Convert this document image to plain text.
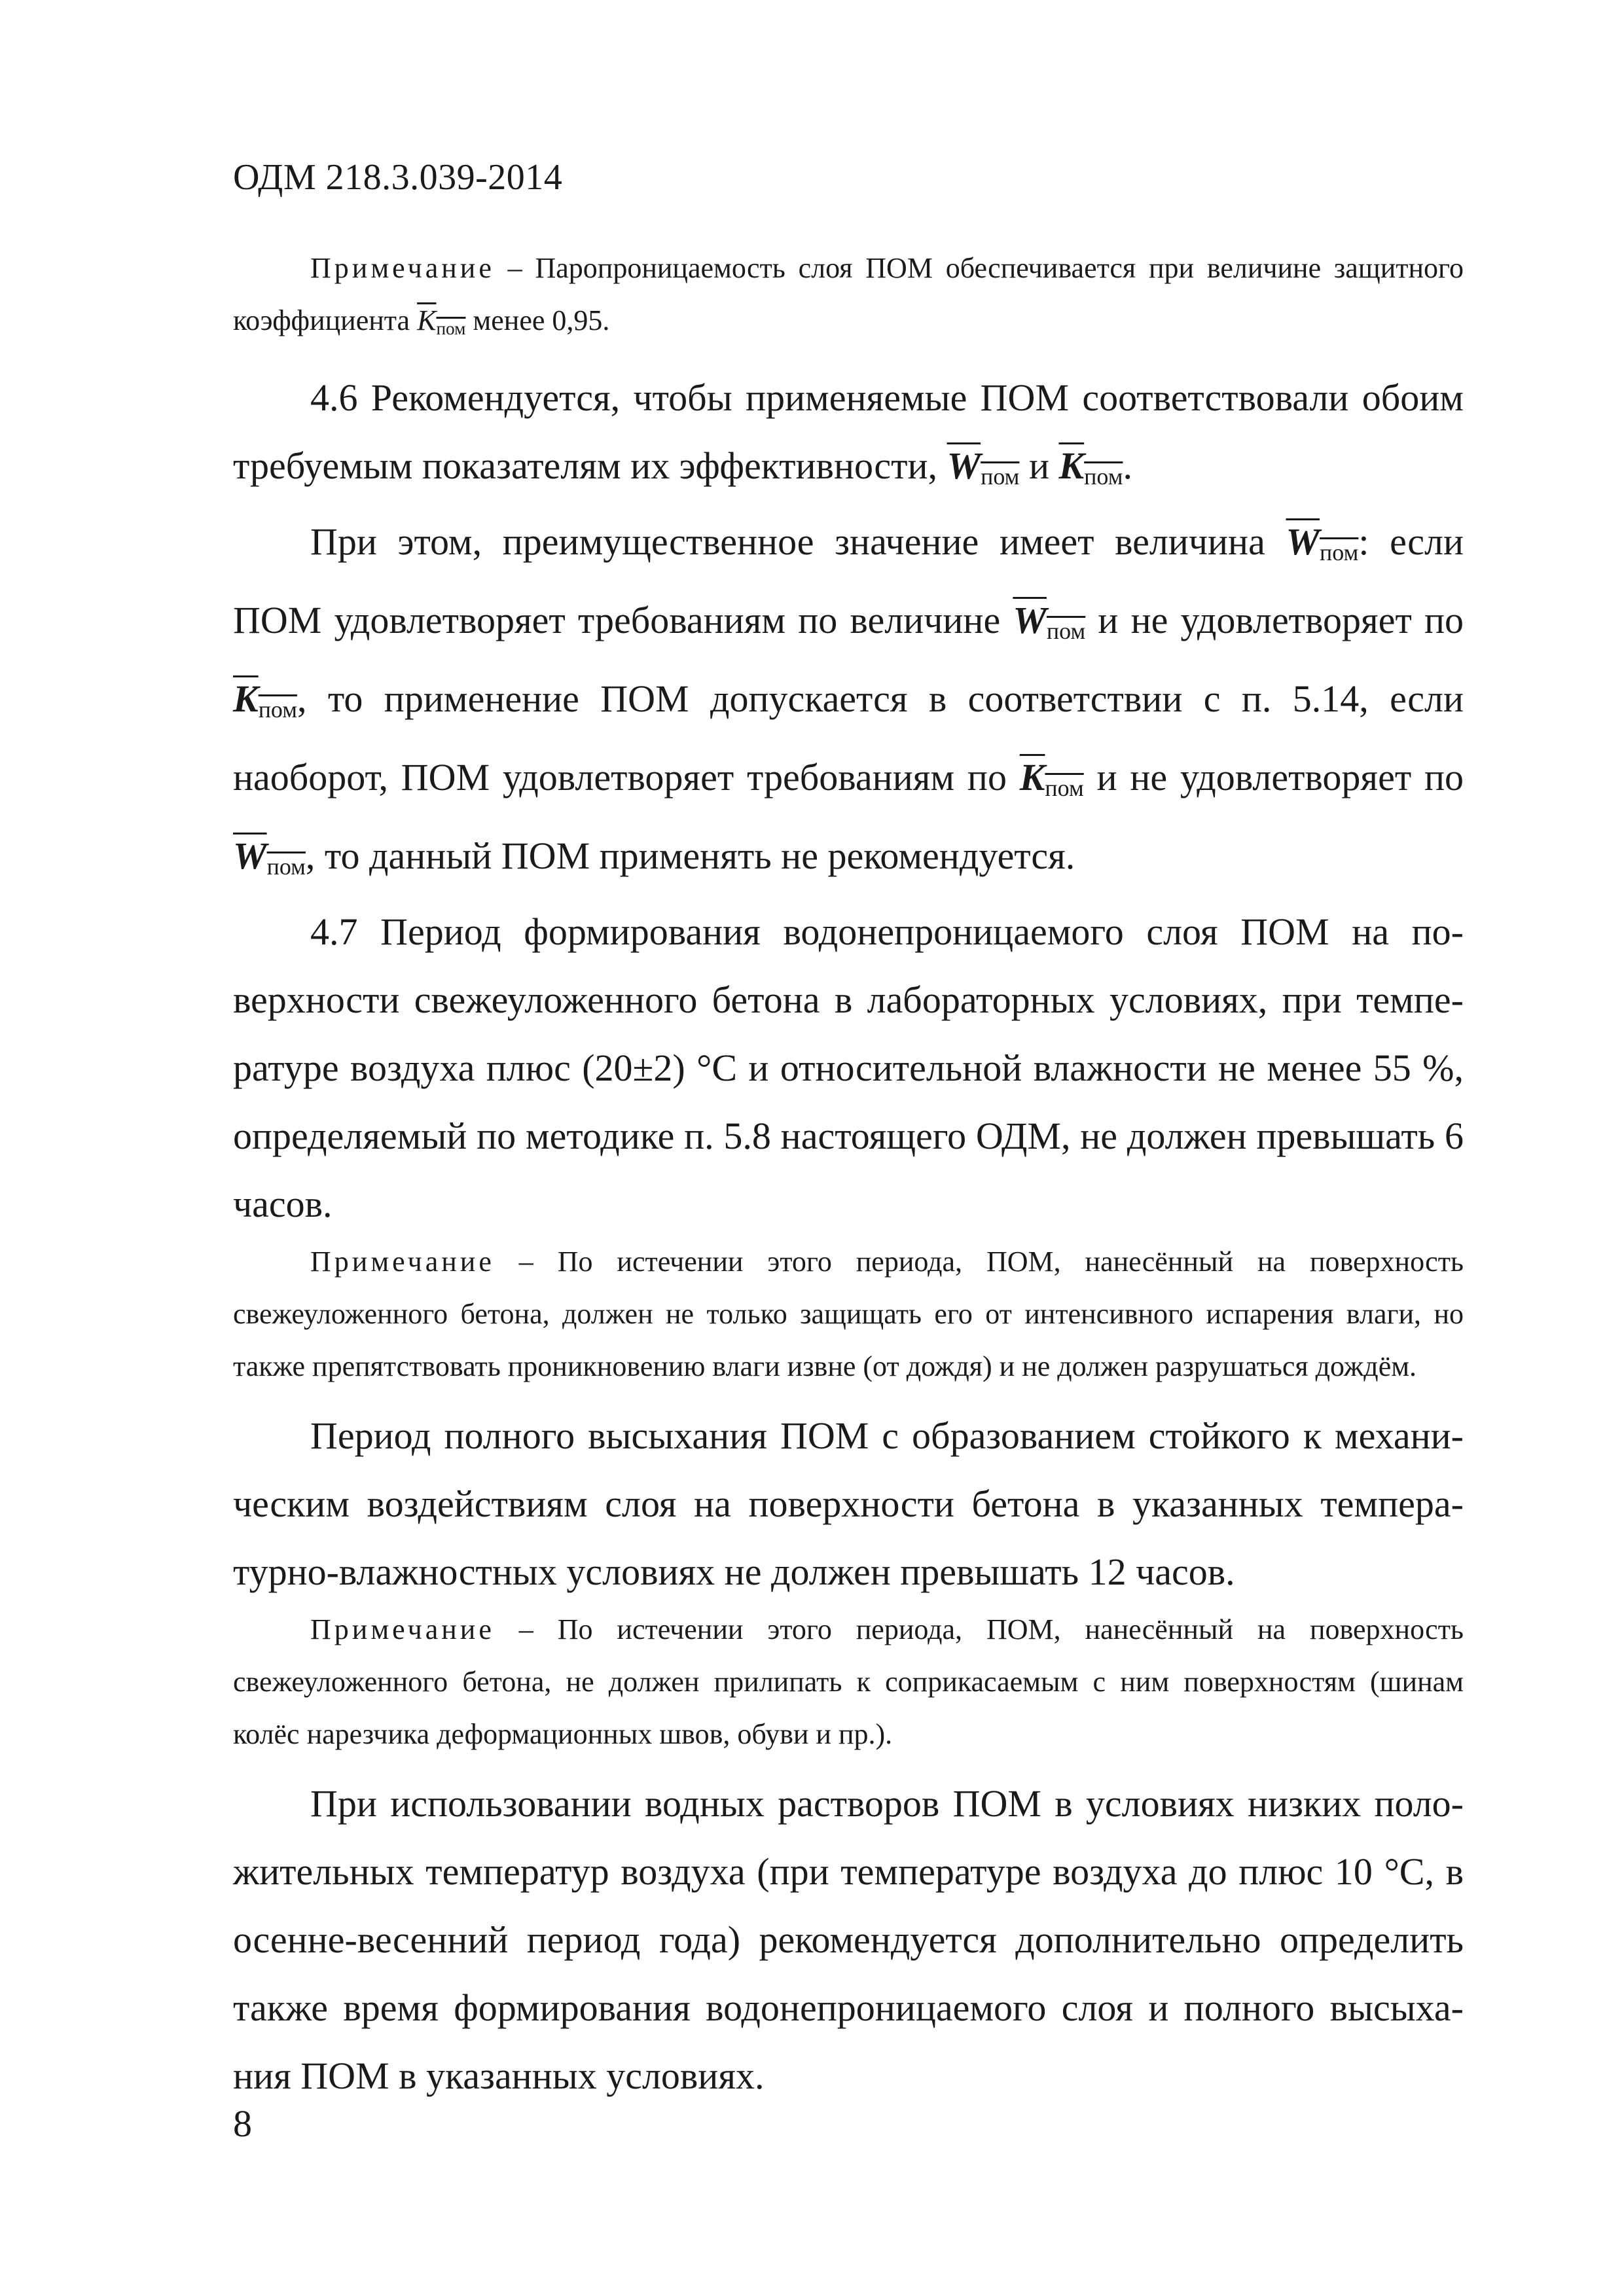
ОДМ 218.3.039-2014

Примечание – Паропроницаемость слоя ПОМ обеспечивается при величине защитного коэффициента $K_{пом}$ менее 0,95.

4.6 Рекомендуется, чтобы применяемые ПОМ соответствовали обоим требуемым показателям их эффективности, $W_{пом}$ и $K_{пом}$.

При этом, преимущественное значение имеет величина $W_{пом}$: если ПОМ удовлетворяет требованиям по величине $W_{пом}$ и не удовлетворяет по $K_{пом}$, то применение ПОМ допускается в соответствии с п. 5.14, если наоборот, ПОМ удовлетворяет требованиям по $K_{пом}$ и не удовлетворяет по $W_{пом}$, то данный ПОМ применять не рекомендуется.

4.7 Период формирования водонепроницаемого слоя ПОМ на поверхности свежеуложенного бетона в лабораторных условиях, при температуре воздуха плюс (20±2) °С и относительной влажности не менее 55 %, определяемый по методике п. 5.8 настоящего ОДМ, не должен превышать 6 часов.

Примечание – По истечении этого периода, ПОМ, нанесённый на поверхность свежеуложенного бетона, должен не только защищать его от интенсивного испарения влаги, но также препятствовать проникновению влаги извне (от дождя) и не должен разрушаться дождём.

Период полного высыхания ПОМ с образованием стойкого к механическим воздействиям слоя на поверхности бетона в указанных температурно-влажностных условиях не должен превышать 12 часов.

Примечание – По истечении этого периода, ПОМ, нанесённый на поверхность свежеуложенного бетона, не должен прилипать к соприкасаемым с ним поверхностям (шинам колёс нарезчика деформационных швов, обуви и пр.).

При использовании водных растворов ПОМ в условиях низких положительных температур воздуха (при температуре воздуха до плюс 10 °С, в осенне-весенний период года) рекомендуется дополнительно определить также время формирования водонепроницаемого слоя и полного высыхания ПОМ в указанных условиях.

8
